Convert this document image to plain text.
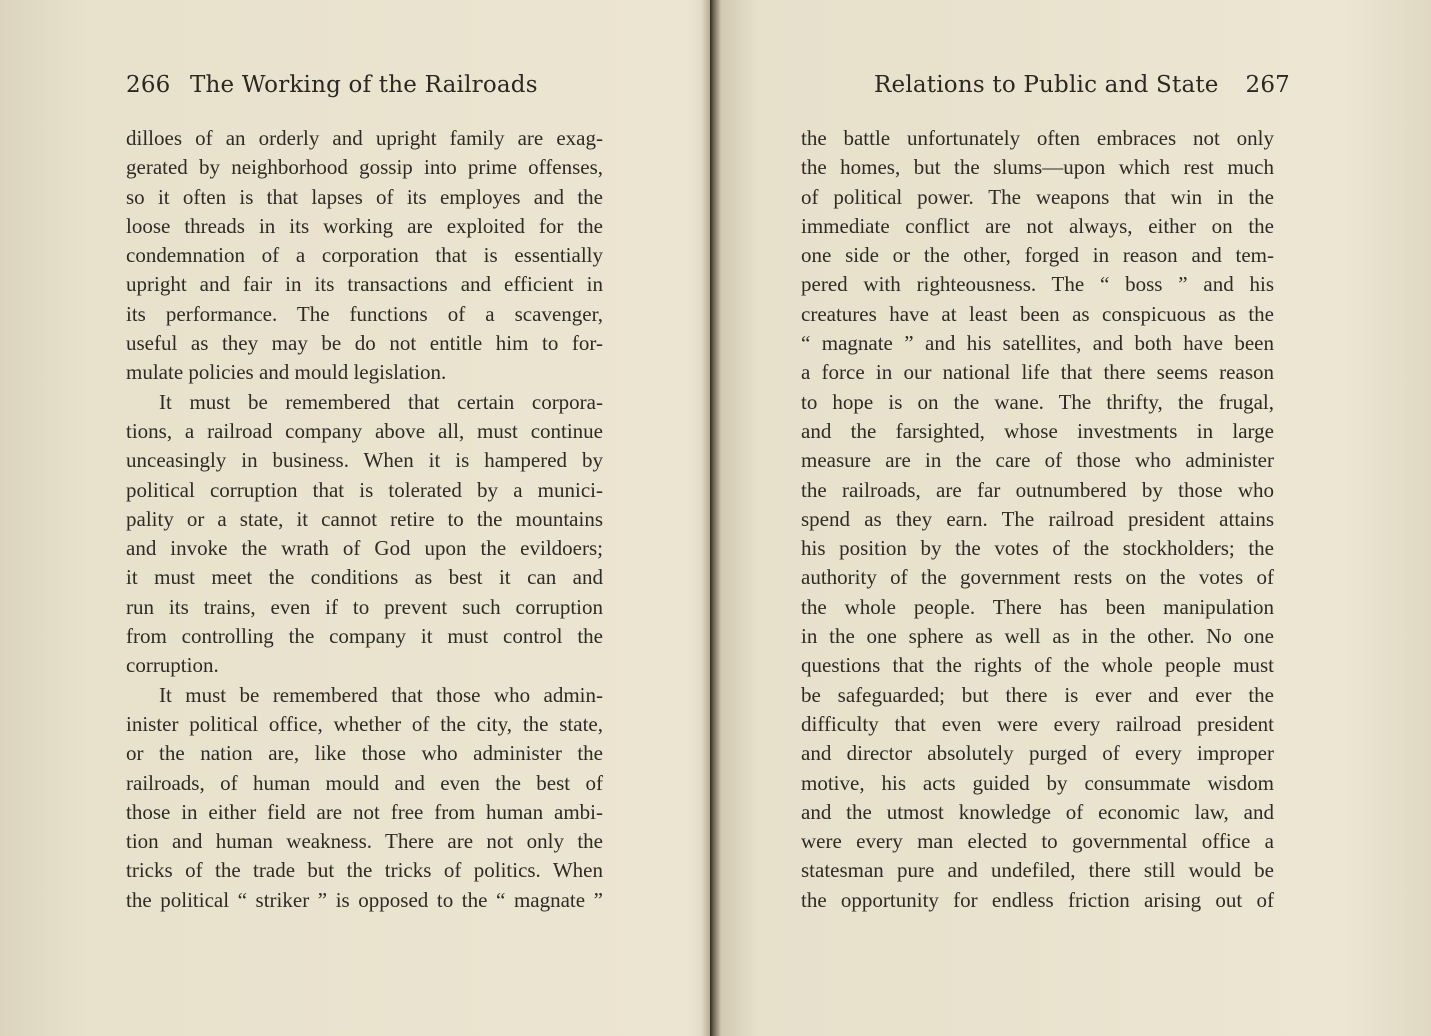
266 The Working of the Railroads
dilloes of an orderly and upright family are exag-
gerated by neighborhood gossip into prime offenses,
so it often is that lapses of its employes and the
loose threads in its working are exploited for the
condemnation of a corporation that is essentially
upright and fair in its transactions and efficient in
its performance. The functions of a scavenger,
useful as they may be do not entitle him to for-
mulate policies and mould legislation.
It must be remembered that certain corpora-
tions, a railroad company above all, must continue
unceasingly in business. When it is hampered by
political corruption that is tolerated by a munici-
pality or a state, it cannot retire to the mountains
and invoke the wrath of God upon the evildoers;
it must meet the conditions as best it can and
run its trains, even if to prevent such corruption
from controlling the company it must control the
corruption.
It must be remembered that those who admin-
inister political office, whether of the city, the state,
or the nation are, like those who administer the
railroads, of human mould and even the best of
those in either field are not free from human ambi-
tion and human weakness. There are not only the
tricks of the trade but the tricks of politics. When
the political “ striker ” is opposed to the “ magnate ”
Relations to Public and State 267
the battle unfortunately often embraces not only
the homes, but the slums—upon which rest much
of political power. The weapons that win in the
immediate conflict are not always, either on the
one side or the other, forged in reason and tem-
pered with righteousness. The “ boss ” and his
creatures have at least been as conspicuous as the
“ magnate ” and his satellites, and both have been
a force in our national life that there seems reason
to hope is on the wane. The thrifty, the frugal,
and the farsighted, whose investments in large
measure are in the care of those who administer
the railroads, are far outnumbered by those who
spend as they earn. The railroad president attains
his position by the votes of the stockholders; the
authority of the government rests on the votes of
the whole people. There has been manipulation
in the one sphere as well as in the other. No one
questions that the rights of the whole people must
be safeguarded; but there is ever and ever the
difficulty that even were every railroad president
and director absolutely purged of every improper
motive, his acts guided by consummate wisdom
and the utmost knowledge of economic law, and
were every man elected to governmental office a
statesman pure and undefiled, there still would be
the opportunity for endless friction arising out of
